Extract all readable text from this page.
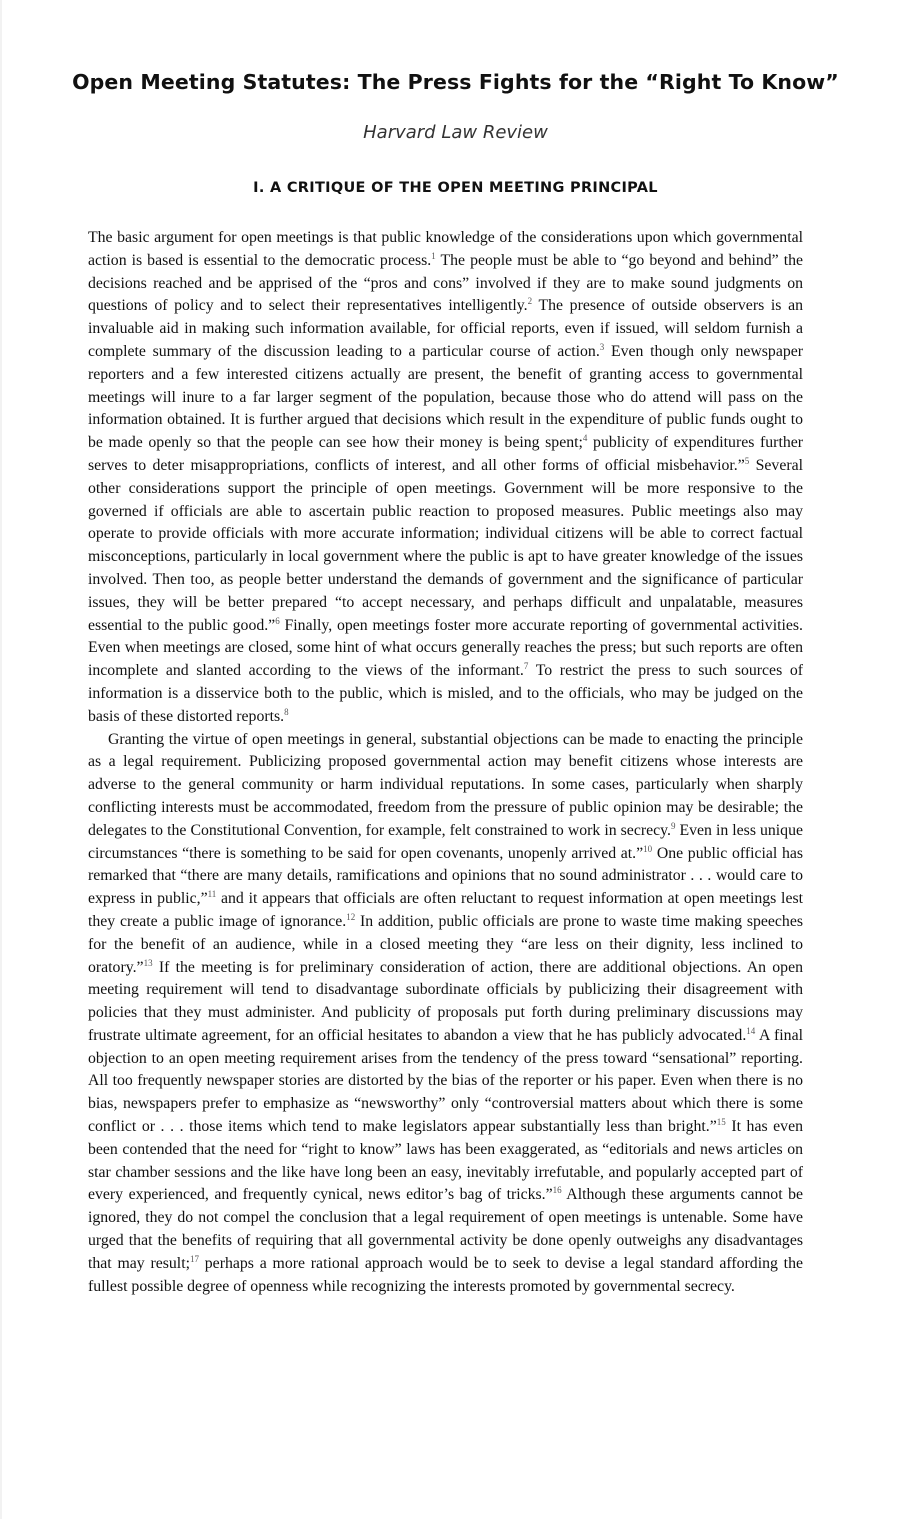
Open Meeting Statutes: The Press Fights for the “Right To Know”
Harvard Law Review
I. A CRITIQUE OF THE OPEN MEETING PRINCIPAL

The basic argument for open meetings is that public knowledge of the considerations upon which governmental action is based is essential to the democratic process.$^1$ The people must be able to “go beyond and behind” the decisions reached and be apprised of the “pros and cons” involved if they are to make sound judgments on questions of policy and to select their representatives intelligently.$^2$ The presence of outside observers is an invaluable aid in making such information available, for official reports, even if issued, will seldom furnish a complete summary of the discussion leading to a particular course of action.$^3$ Even though only newspaper reporters and a few interested citizens actually are present, the benefit of granting access to governmental meetings will inure to a far larger segment of the population, because those who do attend will pass on the information obtained. It is further argued that decisions which result in the expenditure of public funds ought to be made openly so that the people can see how their money is being spent;$^4$ publicity of expenditures further serves to deter misappropriations, conflicts of interest, and all other forms of official misbehavior.”$^5$ Several other considerations support the principle of open meetings. Government will be more responsive to the governed if officials are able to ascertain public reaction to proposed measures. Public meetings also may operate to provide officials with more accurate information; individual citizens will be able to correct factual misconceptions, particularly in local government where the public is apt to have greater knowledge of the issues involved. Then too, as people better understand the demands of government and the significance of particular issues, they will be better prepared “to accept necessary, and perhaps difficult and unpalatable, measures essential to the public good.”$^6$ Finally, open meetings foster more accurate reporting of governmental activities. Even when meetings are closed, some hint of what occurs generally reaches the press; but such reports are often incomplete and slanted according to the views of the informant.$^7$ To restrict the press to such sources of information is a disservice both to the public, which is misled, and to the officials, who may be judged on the basis of these distorted reports.$^8$

Granting the virtue of open meetings in general, substantial objections can be made to enacting the principle as a legal requirement. Publicizing proposed governmental action may benefit citizens whose interests are adverse to the general community or harm individual reputations. In some cases, particularly when sharply conflicting interests must be accommodated, freedom from the pressure of public opinion may be desirable; the delegates to the Constitutional Convention, for example, felt constrained to work in secrecy.$^9$ Even in less unique circumstances “there is something to be said for open covenants, unopenly arrived at.”$^{10}$ One public official has remarked that “there are many details, ramifications and opinions that no sound administrator . . . would care to express in public,”$^{11}$ and it appears that officials are often reluctant to request information at open meetings lest they create a public image of ignorance.$^{12}$ In addition, public officials are prone to waste time making speeches for the benefit of an audience, while in a closed meeting they “are less on their dignity, less inclined to oratory.”$^{13}$ If the meeting is for preliminary consideration of action, there are additional objections. An open meeting requirement will tend to disadvantage subordinate officials by publicizing their disagreement with policies that they must administer. And publicity of proposals put forth during preliminary discussions may frustrate ultimate agreement, for an official hesitates to abandon a view that he has publicly advocated.$^{14}$ A final objection to an open meeting requirement arises from the tendency of the press toward “sensational” reporting. All too frequently newspaper stories are distorted by the bias of the reporter or his paper. Even when there is no bias, newspapers prefer to emphasize as “newsworthy” only “controversial matters about which there is some conflict or . . . those items which tend to make legislators appear substantially less than bright.”$^{15}$ It has even been contended that the need for “right to know” laws has been exaggerated, as “editorials and news articles on star chamber sessions and the like have long been an easy, inevitably irrefutable, and popularly accepted part of every experienced, and frequently cynical, news editor’s bag of tricks.”$^{16}$ Although these arguments cannot be ignored, they do not compel the conclusion that a legal requirement of open meetings is untenable. Some have urged that the benefits of requiring that all governmental activity be done openly outweighs any disadvantages that may result;$^{17}$ perhaps a more rational approach would be to seek to devise a legal standard affording the fullest possible degree of openness while recognizing the interests promoted by governmental secrecy.
